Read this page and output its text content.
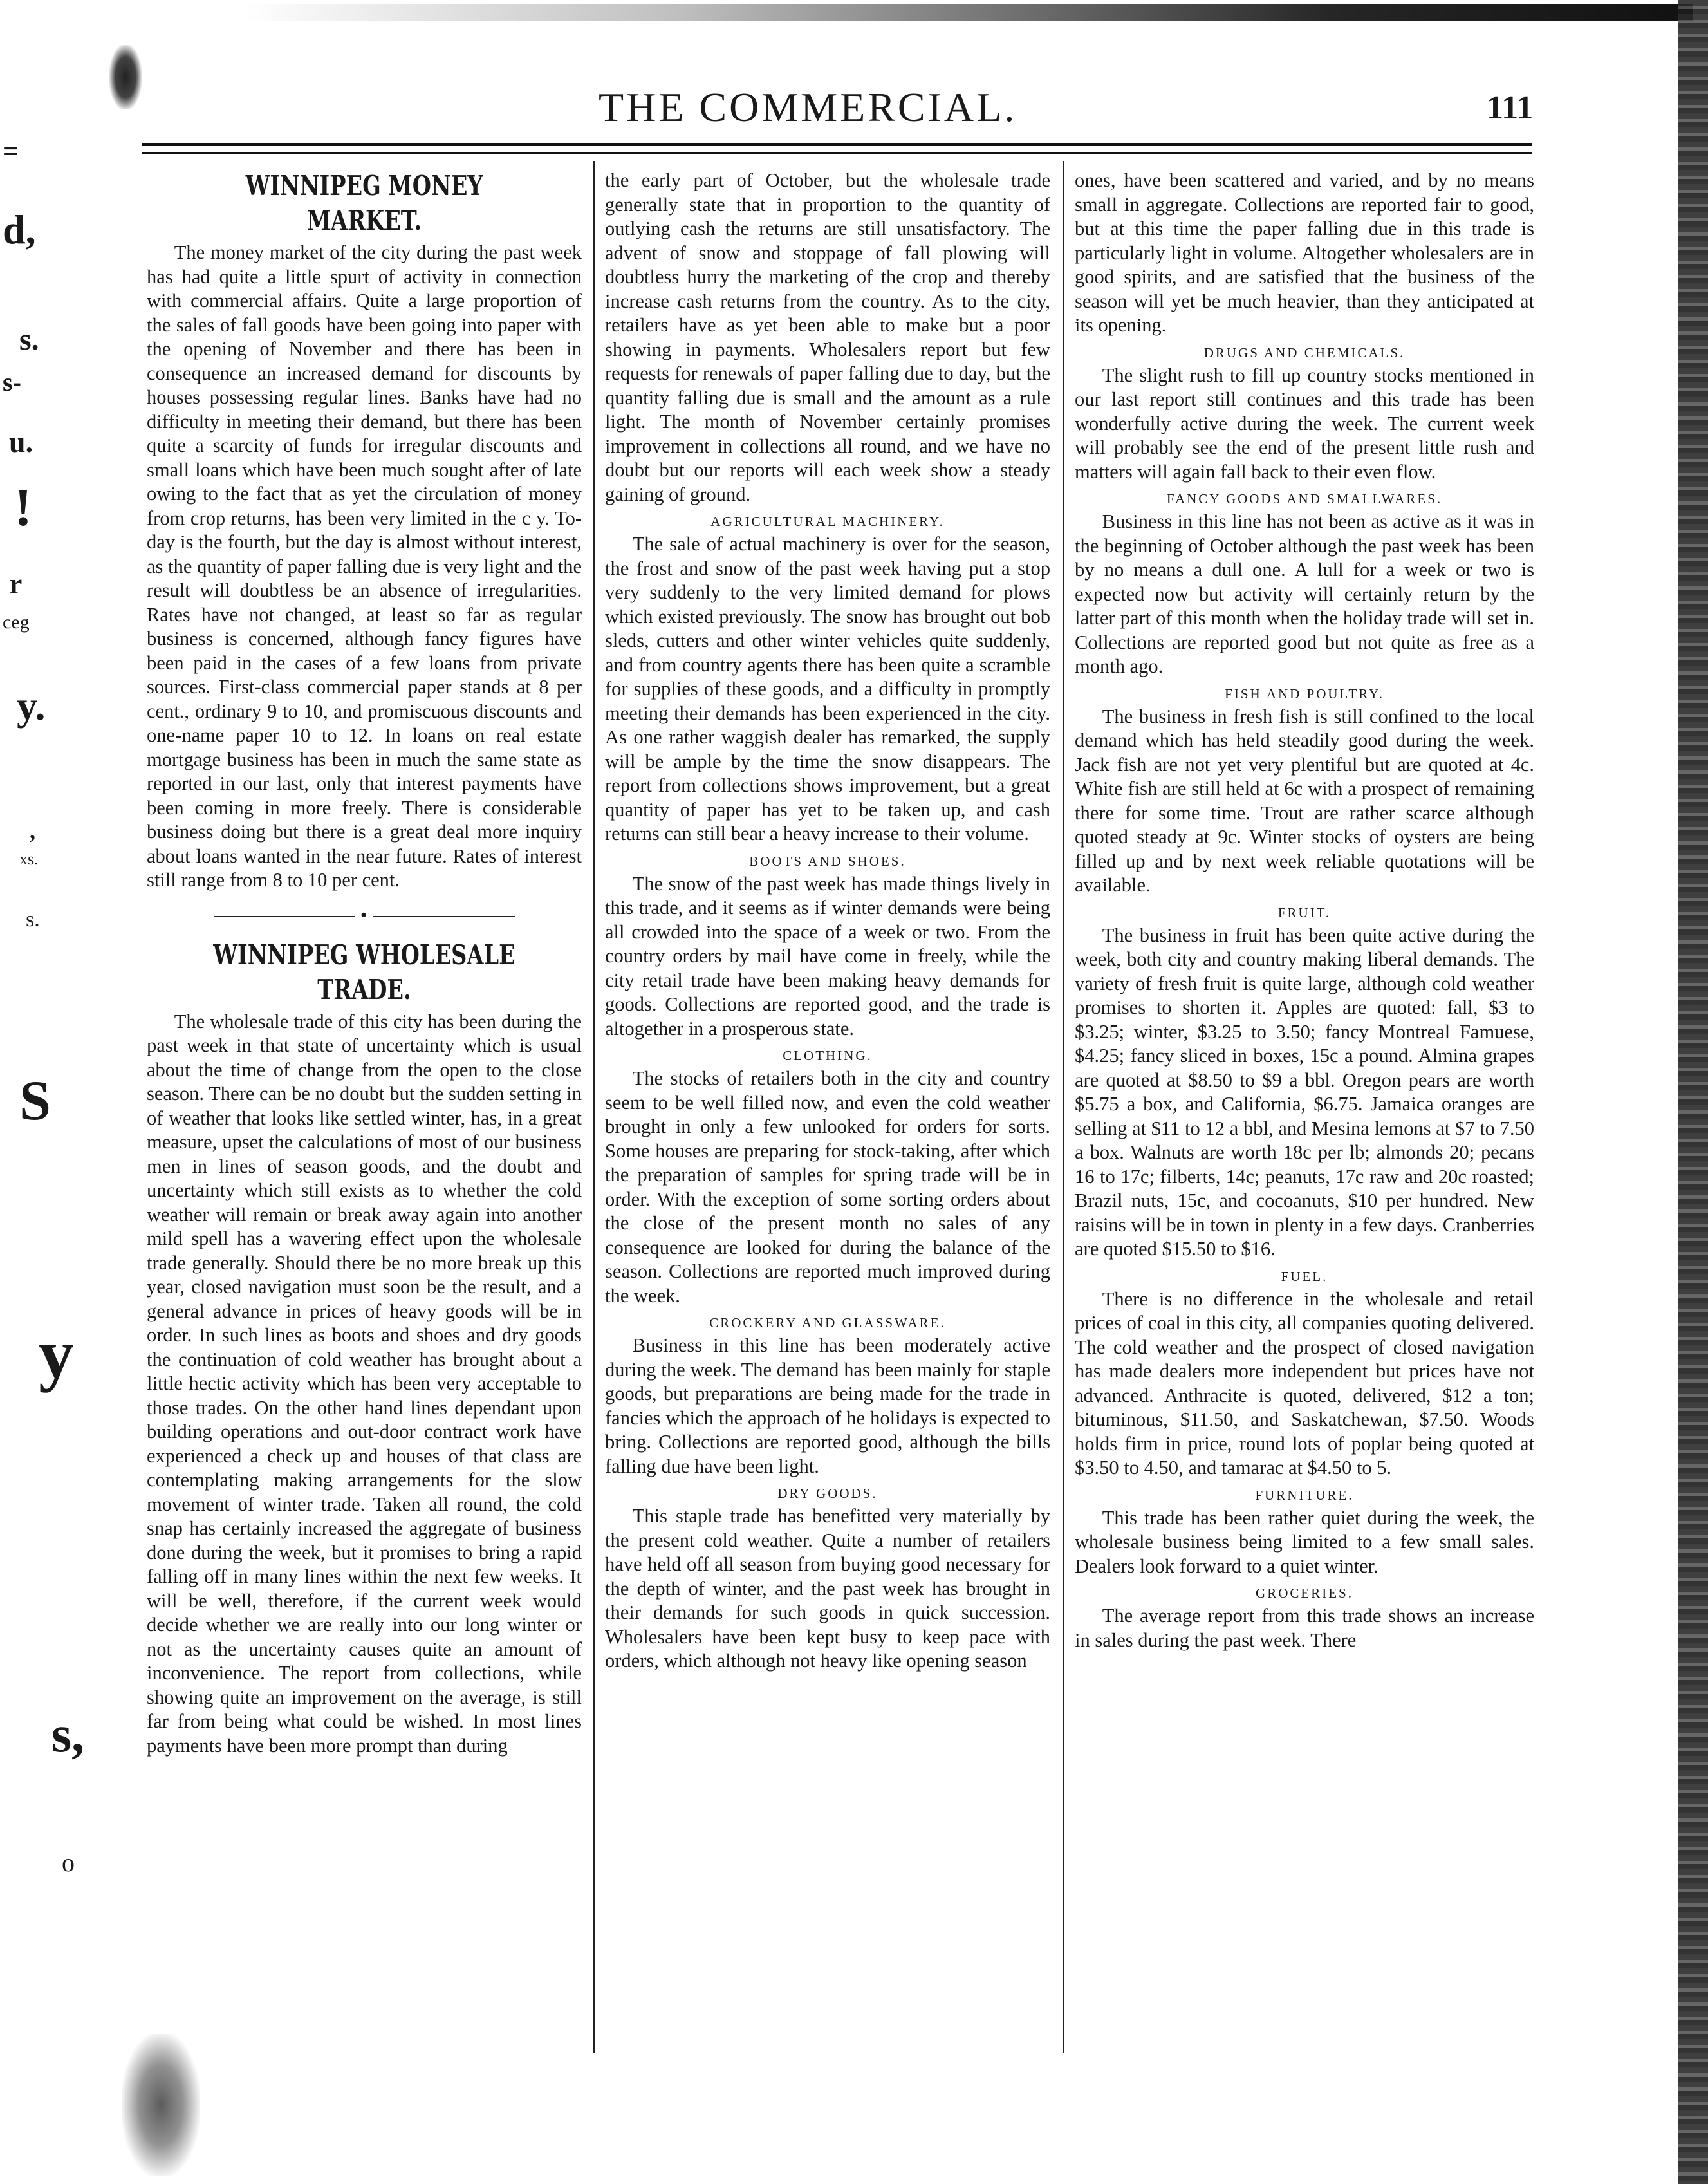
=
d,
s.
s-
u.
!
r
ceg
y.
,
xs.
s.
S
y
s,
o
THE COMMERCIAL.	111
WINNIPEG MONEY MARKET.

The money market of the city during the past week has had quite a little spurt of activity in connection with commercial affairs. Quite a large proportion of the sales of fall goods have been going into paper with the opening of November and there has been in consequence an increased demand for discounts by houses possessing regular lines. Banks have had no difficulty in meeting their demand, but there has been quite a scarcity of funds for irregular discounts and small loans which have been much sought after of late owing to the fact that as yet the circulation of money from crop returns, has been very limited in the c y. To-day is the fourth, but the day is almost without interest, as the quantity of paper falling due is very light and the result will doubtless be an absence of irregularities. Rates have not changed, at least so far as regular business is concerned, although fancy figures have been paid in the cases of a few loans from private sources. First-class commercial paper stands at 8 per cent., ordinary 9 to 10, and promiscuous discounts and one-name paper 10 to 12. In loans on real estate mortgage business has been in much the same state as reported in our last, only that interest payments have been coming in more freely. There is considerable business doing but there is a great deal more inquiry about loans wanted in the near future. Rates of interest still range from 8 to 10 per cent.

•
WINNIPEG WHOLESALE TRADE.

The wholesale trade of this city has been during the past week in that state of uncertainty which is usual about the time of change from the open to the close season. There can be no doubt but the sudden setting in of weather that looks like settled winter, has, in a great measure, upset the calculations of most of our business men in lines of season goods, and the doubt and uncertainty which still exists as to whether the cold weather will remain or break away again into another mild spell has a wavering effect upon the wholesale trade generally. Should there be no more break up this year, closed navigation must soon be the result, and a general advance in prices of heavy goods will be in order. In such lines as boots and shoes and dry goods the continuation of cold weather has brought about a little hectic activity which has been very acceptable to those trades. On the other hand lines dependant upon building operations and out-door contract work have experienced a check up and houses of that class are contemplating making arrangements for the slow movement of winter trade. Taken all round, the cold snap has certainly increased the aggregate of business done during the week, but it promises to bring a rapid falling off in many lines within the next few weeks. It will be well, therefore, if the current week would decide whether we are really into our long winter or not as the uncertainty causes quite an amount of inconvenience. The report from collections, while showing quite an improvement on the average, is still far from being what could be wished. In most lines payments have been more prompt than during

the early part of October, but the wholesale trade generally state that in proportion to the quantity of outlying cash the returns are still unsatisfactory. The advent of snow and stoppage of fall plowing will doubtless hurry the marketing of the crop and thereby increase cash returns from the country. As to the city, retailers have as yet been able to make but a poor showing in payments. Wholesalers report but few requests for renewals of paper falling due to day, but the quantity falling due is small and the amount as a rule light. The month of November certainly promises improvement in collections all round, and we have no doubt but our reports will each week show a steady gaining of ground.

AGRICULTURAL MACHINERY.

The sale of actual machinery is over for the season, the frost and snow of the past week having put a stop very suddenly to the very limited demand for plows which existed previously. The snow has brought out bob sleds, cutters and other winter vehicles quite suddenly, and from country agents there has been quite a scramble for supplies of these goods, and a difficulty in promptly meeting their demands has been experienced in the city. As one rather waggish dealer has remarked, the supply will be ample by the time the snow disappears. The report from collections shows improvement, but a great quantity of paper has yet to be taken up, and cash returns can still bear a heavy increase to their volume.

BOOTS AND SHOES.

The snow of the past week has made things lively in this trade, and it seems as if winter demands were being all crowded into the space of a week or two. From the country orders by mail have come in freely, while the city retail trade have been making heavy demands for goods. Collections are reported good, and the trade is altogether in a prosperous state.

CLOTHING.

The stocks of retailers both in the city and country seem to be well filled now, and even the cold weather brought in only a few unlooked for orders for sorts. Some houses are preparing for stock-taking, after which the preparation of samples for spring trade will be in order. With the exception of some sorting orders about the close of the present month no sales of any consequence are looked for during the balance of the season. Collections are reported much improved during the week.

CROCKERY AND GLASSWARE.

Business in this line has been moderately active during the week. The demand has been mainly for staple goods, but preparations are being made for the trade in fancies which the approach of he holidays is expected to bring. Collections are reported good, although the bills falling due have been light.

DRY GOODS.

This staple trade has benefitted very materially by the present cold weather. Quite a number of retailers have held off all season from buying good necessary for the depth of winter, and the past week has brought in their demands for such goods in quick succession. Wholesalers have been kept busy to keep pace with orders, which although not heavy like opening season

ones, have been scattered and varied, and by no means small in aggregate. Collections are reported fair to good, but at this time the paper falling due in this trade is particularly light in volume. Altogether wholesalers are in good spirits, and are satisfied that the business of the season will yet be much heavier, than they anticipated at its opening.

DRUGS AND CHEMICALS.

The slight rush to fill up country stocks mentioned in our last report still continues and this trade has been wonderfully active during the week. The current week will probably see the end of the present little rush and matters will again fall back to their even flow.

FANCY GOODS AND SMALLWARES.

Business in this line has not been as active as it was in the beginning of October although the past week has been by no means a dull one. A lull for a week or two is expected now but activity will certainly return by the latter part of this month when the holiday trade will set in. Collections are reported good but not quite as free as a month ago.

FISH AND POULTRY.

The business in fresh fish is still confined to the local demand which has held steadily good during the week. Jack fish are not yet very plentiful but are quoted at 4c. White fish are still held at 6c with a prospect of remaining there for some time. Trout are rather scarce although quoted steady at 9c. Winter stocks of oysters are being filled up and by next week reliable quotations will be available.

FRUIT.

The business in fruit has been quite active during the week, both city and country making liberal demands. The variety of fresh fruit is quite large, although cold weather promises to shorten it. Apples are quoted: fall, $3 to $3.25; winter, $3.25 to 3.50; fancy Montreal Famuese, $4.25; fancy sliced in boxes, 15c a pound. Almina grapes are quoted at $8.50 to $9 a bbl. Oregon pears are worth $5.75 a box, and California, $6.75. Jamaica oranges are selling at $11 to 12 a bbl, and Mesina lemons at $7 to 7.50 a box. Walnuts are worth 18c per lb; almonds 20; pecans 16 to 17c; filberts, 14c; peanuts, 17c raw and 20c roasted; Brazil nuts, 15c, and cocoanuts, $10 per hundred. New raisins will be in town in plenty in a few days. Cranberries are quoted $15.50 to $16.

FUEL.

There is no difference in the wholesale and retail prices of coal in this city, all companies quoting delivered. The cold weather and the prospect of closed navigation has made dealers more independent but prices have not advanced. Anthracite is quoted, delivered, $12 a ton; bituminous, $11.50, and Saskatchewan, $7.50. Woods holds firm in price, round lots of poplar being quoted at $3.50 to 4.50, and tamarac at $4.50 to 5.

FURNITURE.

This trade has been rather quiet during the week, the wholesale business being limited to a few small sales. Dealers look forward to a quiet winter.

GROCERIES.

The average report from this trade shows an increase in sales during the past week. There
